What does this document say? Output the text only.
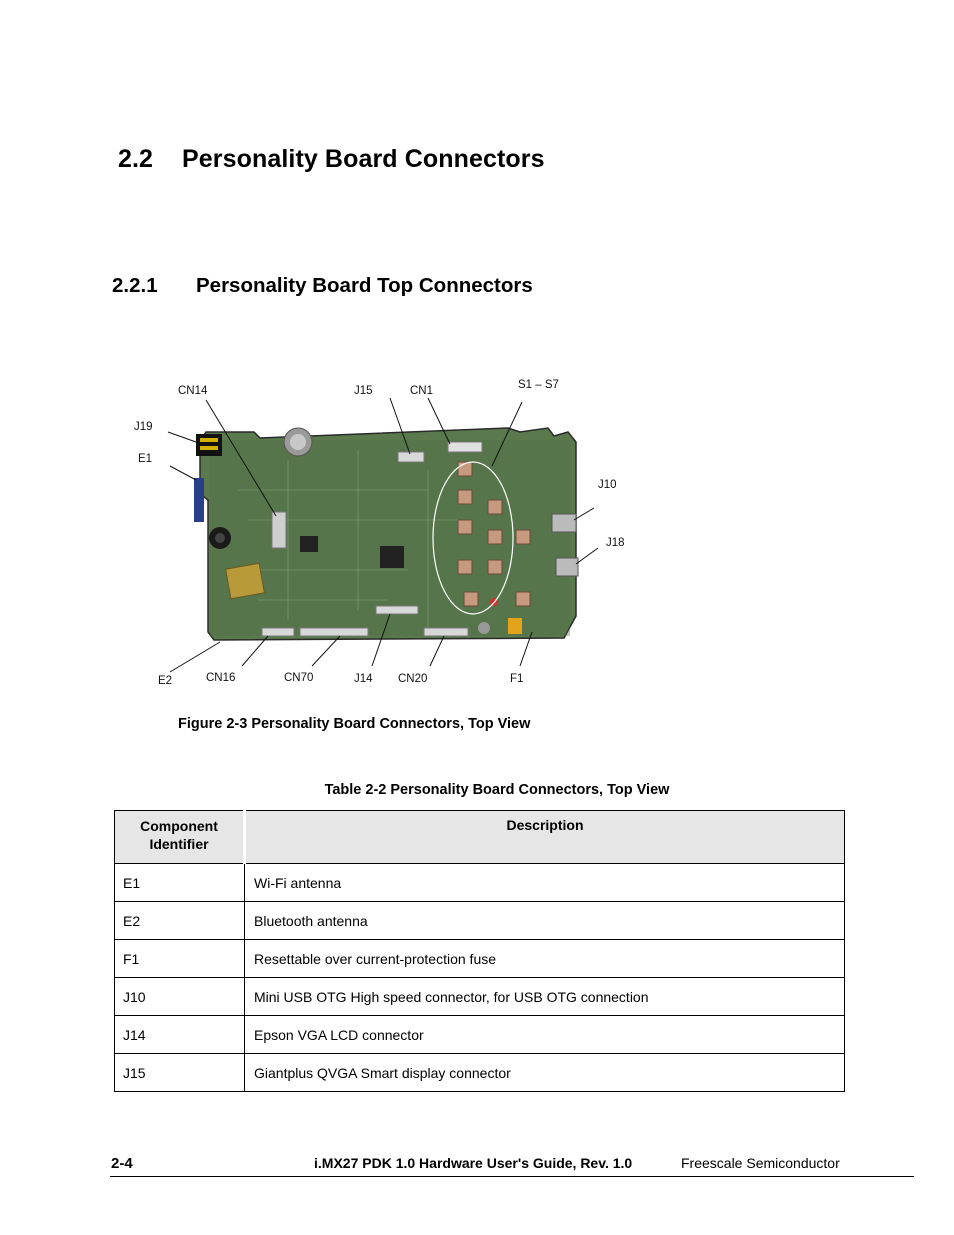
2.2 Personality Board Connectors
2.2.1 Personality Board Top Connectors
CN14	J15	CN1	S1 – S7
J19
E1
J10
J18
E2	CN16	CN70	J14 CN20	F1
Figure 2-3 Personality Board Connectors, Top View
Table 2-2 Personality Board Connectors, Top View
Component Identifier	Description
E1	Wi-Fi antenna
E2	Bluetooth antenna
F1	Resettable over current-protection fuse
J10	Mini USB OTG High speed connector, for USB OTG connection
J14	Epson VGA LCD connector
J15	Giantplus QVGA Smart display connector
2-4	i.MX27 PDK 1.0 Hardware User's Guide, Rev. 1.0	Freescale Semiconductor
